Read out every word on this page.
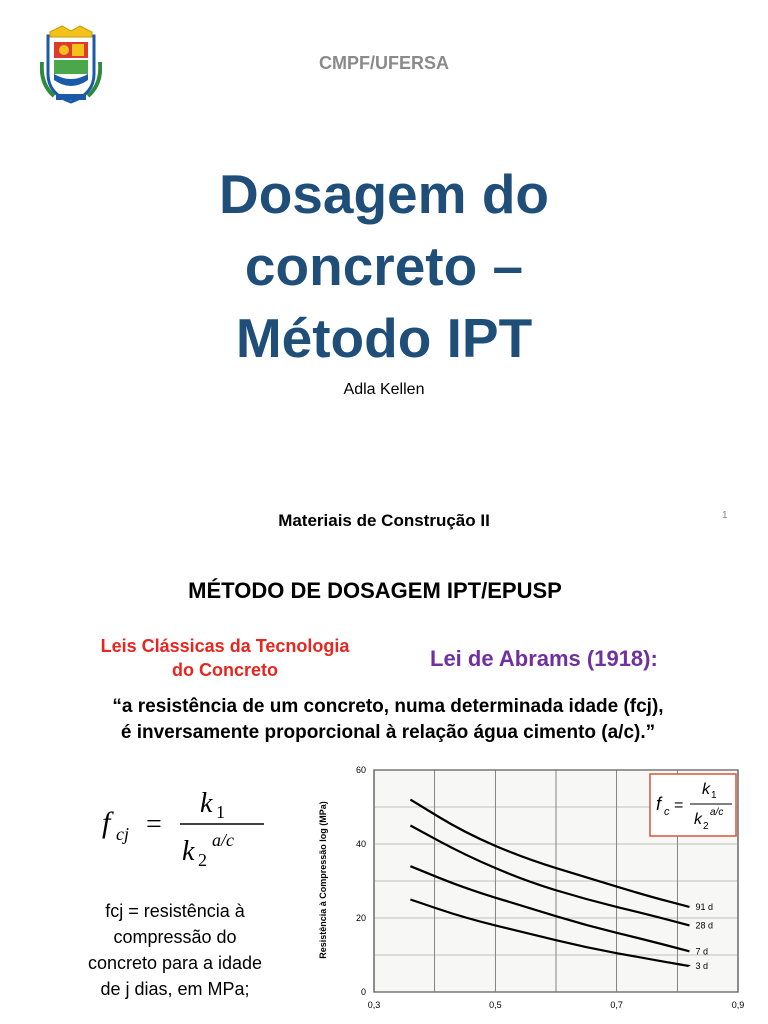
CMPF/UFERSA
Dosagem do
concreto –
Método IPT
Adla Kellen
Materiais de Construção II	1
MÉTODO DE DOSAGEM IPT/EPUSP
Leis Clássicas da Tecnologia
do Concreto	Lei de Abrams (1918):
“a resistência de um concreto, numa determinada idade (fcj),
é inversamente proporcional à relação água cimento (a/c).”
f cj =
k 1
k 2
a/c
fcj = resistência à
compressão do
concreto para a idade
de j dias, em MPa;
91 d
28 d
7 d
3 d
0,3	0,5	0,7	0,9
0
20
40
60
Resistência à Compressão log (MPa)	f c =
k 1
k 2
a/c
